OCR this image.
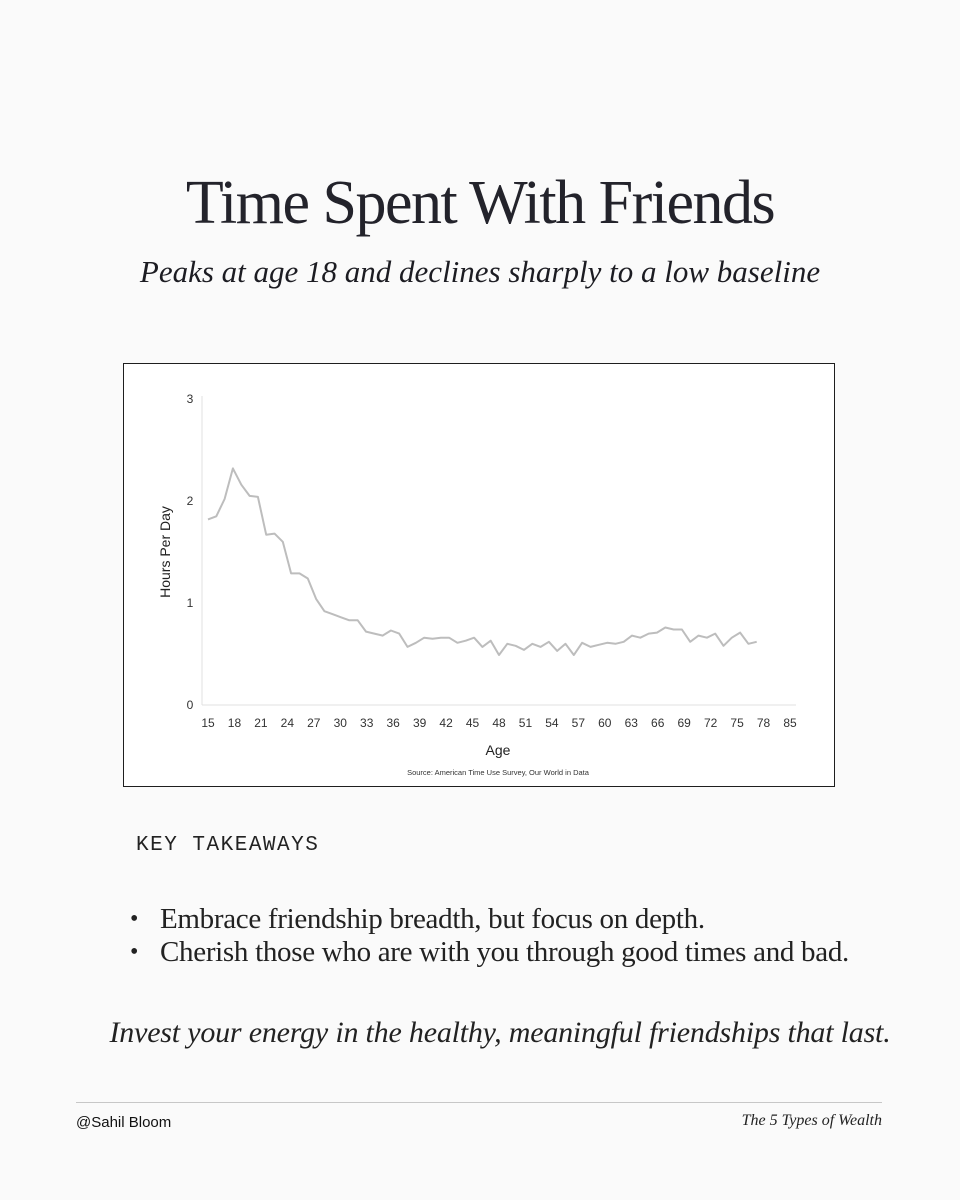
Time Spent With Friends
Peaks at age 18 and declines sharply to a low baseline
0
1
2
3
15 18 21 24 27 30 33 36 39 42 45 48 51 54 57 60 63 66 69 72 75 78 85
Age
Hours Per Day
Source: American Time Use Survey, Our World in Data
KEY TAKEAWAYS
• Embrace friendship breadth, but focus on depth.
• Cherish those who are with you through good times and bad.
Invest your energy in the healthy, meaningful friendships that last.
@Sahil Bloom	The 5 Types of Wealth
